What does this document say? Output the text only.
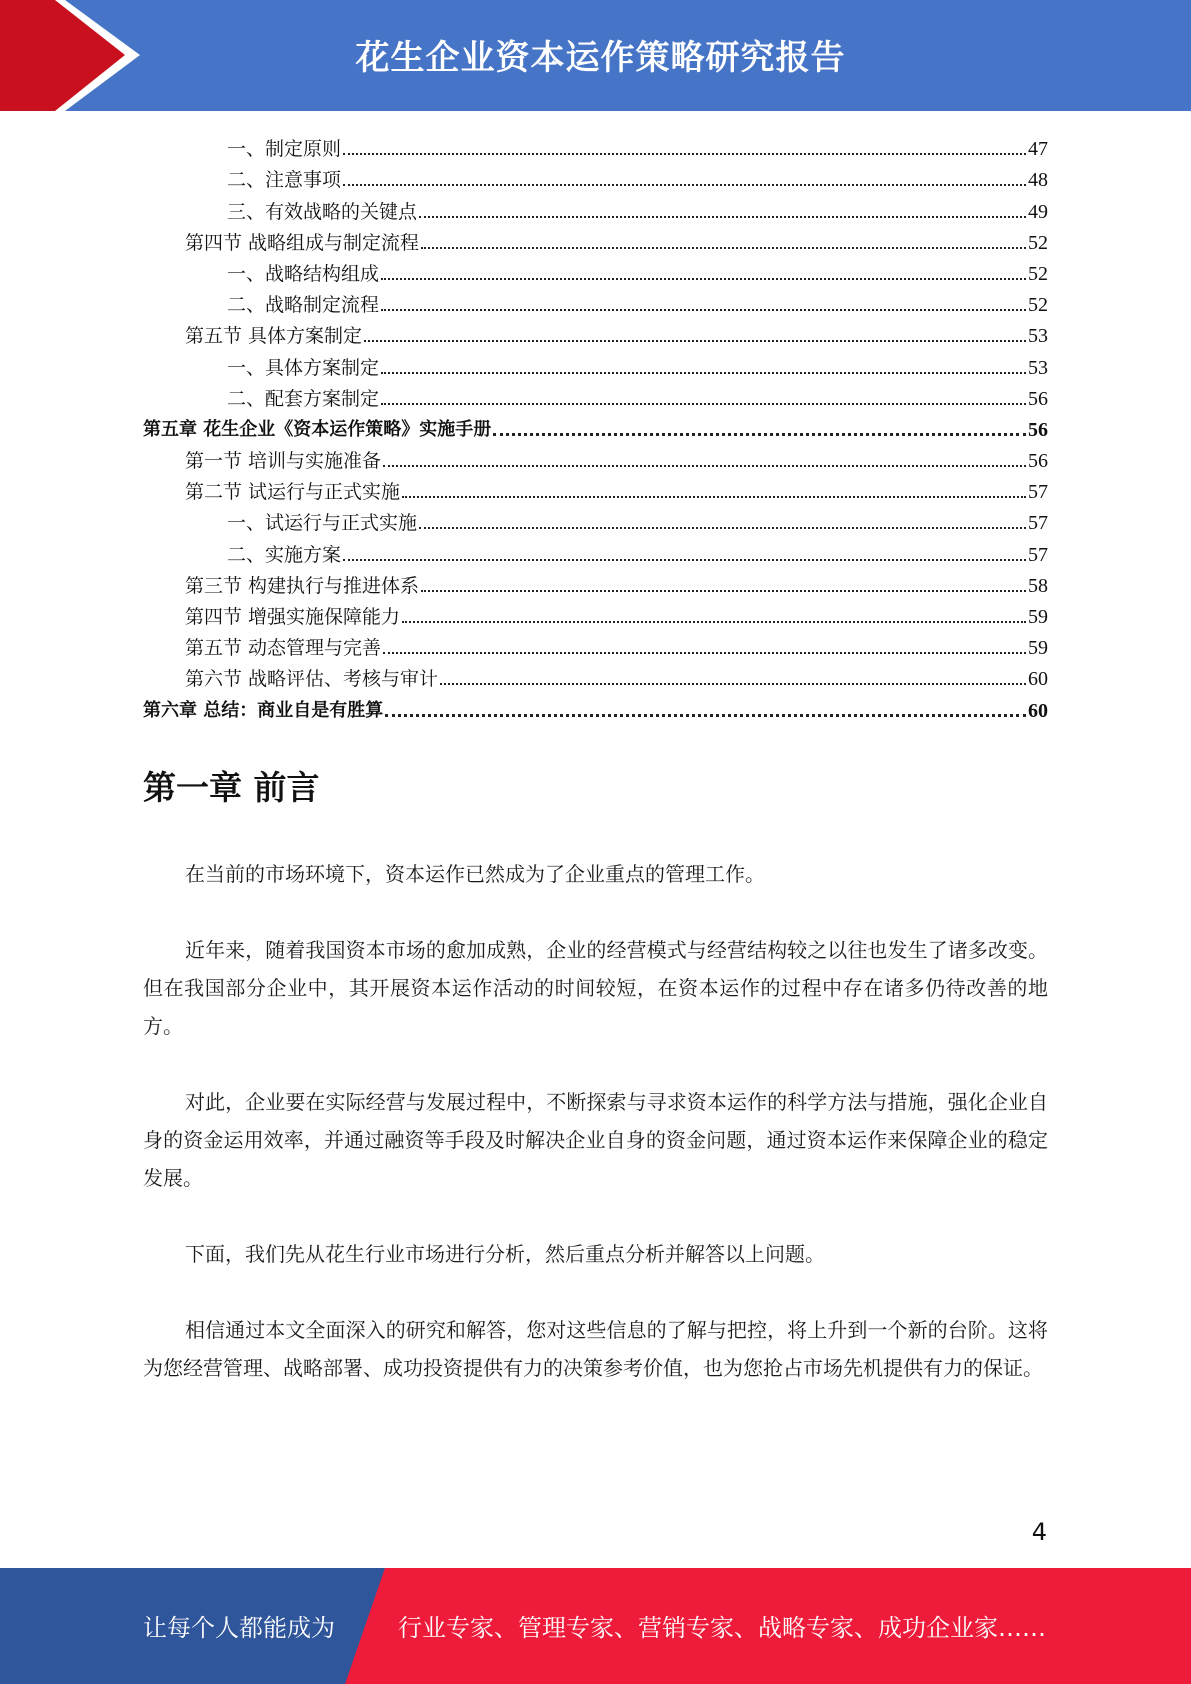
花生企业资本运作策略研究报告
一、制定原则	47
二、注意事项	48
三、有效战略的关键点	49
第四节 战略组成与制定流程	52
一、战略结构组成	52
二、战略制定流程	52
第五节 具体方案制定	53
一、具体方案制定	53
二、配套方案制定	56
第五章 花生企业《资本运作策略》实施手册	56
第一节 培训与实施准备	56
第二节 试运行与正式实施	57
一、试运行与正式实施	57
二、实施方案	57
第三节 构建执行与推进体系	58
第四节 增强实施保障能力	59
第五节 动态管理与完善	59
第六节 战略评估、考核与审计	60
第六章 总结：商业自是有胜算	60
第一章 前言

在当前的市场环境下，资本运作已然成为了企业重点的管理工作。

近年来，随着我国资本市场的愈加成熟，企业的经营模式与经营结构较之以往也发生了诸多改变。但在我国部分企业中，其开展资本运作活动的时间较短，在资本运作的过程中存在诸多仍待改善的地方。

对此，企业要在实际经营与发展过程中，不断探索与寻求资本运作的科学方法与措施，强化企业自身的资金运用效率，并通过融资等手段及时解决企业自身的资金问题，通过资本运作来保障企业的稳定发展。

下面，我们先从花生行业市场进行分析，然后重点分析并解答以上问题。

相信通过本文全面深入的研究和解答，您对这些信息的了解与把控，将上升到一个新的台阶。这将为您经营管理、战略部署、成功投资提供有力的决策参考价值，也为您抢占市场先机提供有力的保证。

4
让每个人都能成为	行业专家、管理专家、营销专家、战略专家、成功企业家……
